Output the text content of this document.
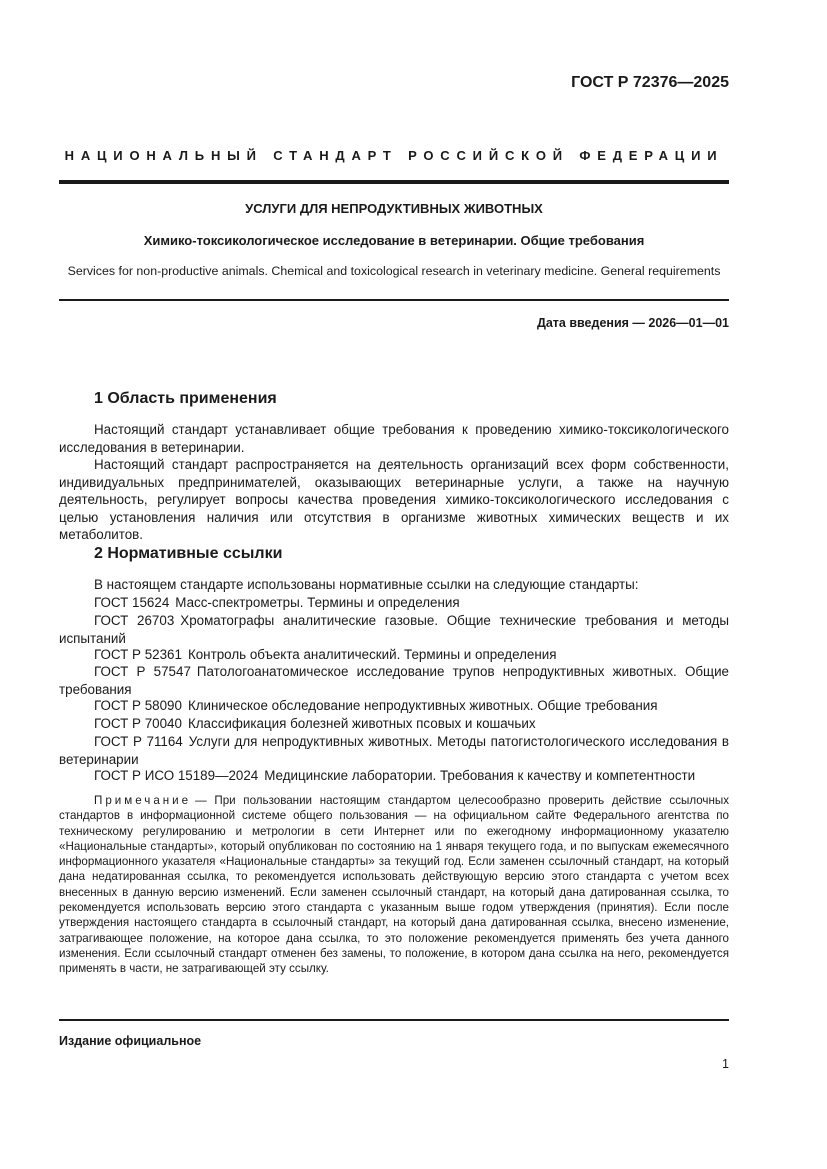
ГОСТ Р 72376—2025
НАЦИОНАЛЬНЫЙ СТАНДАРТ РОССИЙСКОЙ ФЕДЕРАЦИИ
УСЛУГИ ДЛЯ НЕПРОДУКТИВНЫХ ЖИВОТНЫХ
Химико-токсикологическое исследование в ветеринарии. Общие требования
Services for non-productive animals. Chemical and toxicological research in veterinary medicine. General requirements
Дата введения — 2026—01—01
1 Область применения
Настоящий стандарт устанавливает общие требования к проведению химико-токсикологического исследования в ветеринарии.
Настоящий стандарт распространяется на деятельность организаций всех форм собственности, индивидуальных предпринимателей, оказывающих ветеринарные услуги, а также на научную деятельность, регулирует вопросы качества проведения химико-токсикологического исследования с целью установления наличия или отсутствия в организме животных химических веществ и их метаболитов.
2 Нормативные ссылки
В настоящем стандарте использованы нормативные ссылки на следующие стандарты:
ГОСТ 15624 Масс-спектрометры. Термины и определения
ГОСТ 26703 Хроматографы аналитические газовые. Общие технические требования и методы испытаний
ГОСТ Р 52361 Контроль объекта аналитический. Термины и определения
ГОСТ Р 57547 Патологоанатомическое исследование трупов непродуктивных животных. Общие требования
ГОСТ Р 58090 Клиническое обследование непродуктивных животных. Общие требования
ГОСТ Р 70040 Классификация болезней животных псовых и кошачьих
ГОСТ Р 71164 Услуги для непродуктивных животных. Методы патогистологического исследования в ветеринарии
ГОСТ Р ИСО 15189—2024 Медицинские лаборатории. Требования к качеству и компетентности
Примечание — При пользовании настоящим стандартом целесообразно проверить действие ссылочных стандартов в информационной системе общего пользования — на официальном сайте Федерального агентства по техническому регулированию и метрологии в сети Интернет или по ежегодному информационному указателю «Национальные стандарты», который опубликован по состоянию на 1 января текущего года, и по выпускам ежемесячного информационного указателя «Национальные стандарты» за текущий год. Если заменен ссылочный стандарт, на который дана недатированная ссылка, то рекомендуется использовать действующую версию этого стандарта с учетом всех внесенных в данную версию изменений. Если заменен ссылочный стандарт, на который дана датированная ссылка, то рекомендуется использовать версию этого стандарта с указанным выше годом утверждения (принятия). Если после утверждения настоящего стандарта в ссылочный стандарт, на который дана датированная ссылка, внесено изменение, затрагивающее положение, на которое дана ссылка, то это положение рекомендуется применять без учета данного изменения. Если ссылочный стандарт отменен без замены, то положение, в котором дана ссылка на него, рекомендуется применять в части, не затрагивающей эту ссылку.
Издание официальное
1
